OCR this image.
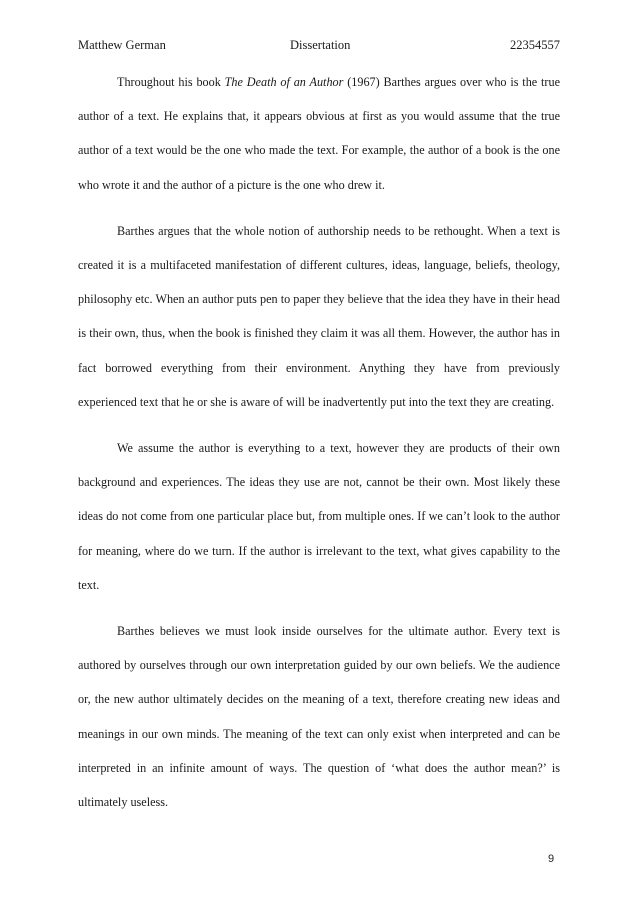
Matthew German	Dissertation	22354557

Throughout his book The Death of an Author (1967) Barthes argues over who is the true author of a text. He explains that, it appears obvious at first as you would assume that the true author of a text would be the one who made the text. For example, the author of a book is the one who wrote it and the author of a picture is the one who drew it.

Barthes argues that the whole notion of authorship needs to be rethought. When a text is created it is a multifaceted manifestation of different cultures, ideas, language, beliefs, theology, philosophy etc. When an author puts pen to paper they believe that the idea they have in their head is their own, thus, when the book is finished they claim it was all them. However, the author has in fact borrowed everything from their environment. Anything they have from previously experienced text that he or she is aware of will be inadvertently put into the text they are creating.

We assume the author is everything to a text, however they are products of their own background and experiences. The ideas they use are not, cannot be their own. Most likely these ideas do not come from one particular place but, from multiple ones. If we can’t look to the author for meaning, where do we turn. If the author is irrelevant to the text, what gives capability to the text.

Barthes believes we must look inside ourselves for the ultimate author. Every text is authored by ourselves through our own interpretation guided by our own beliefs. We the audience or, the new author ultimately decides on the meaning of a text, therefore creating new ideas and meanings in our own minds. The meaning of the text can only exist when interpreted and can be interpreted in an infinite amount of ways. The question of ‘what does the author mean?’ is ultimately useless.

9
